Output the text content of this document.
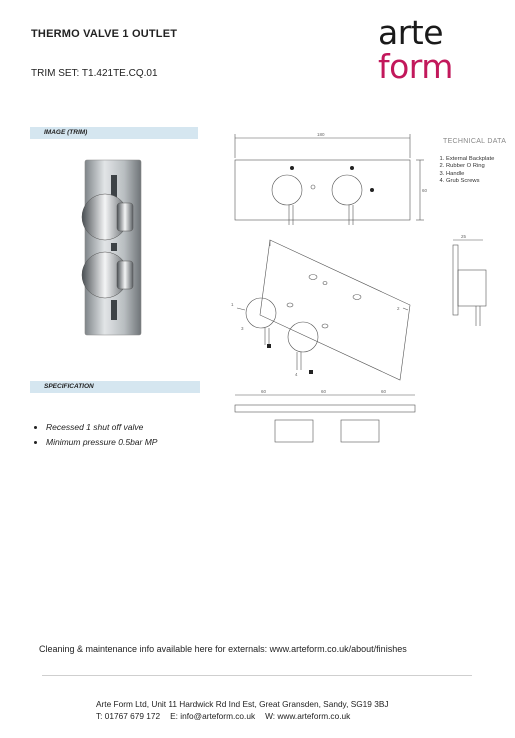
THERMO VALVE 1 OUTLET
TRIM SET: T1.421TE.CQ.01
arte
form
IMAGE (TRIM)	180
60
25
60	60	60
1
2
3
4
TECHNICAL DATA
1. External Backplate
2. Rubber O Ring
3. Handle
4. Grub Screws
SPECIFICATION
• Recessed 1 shut off valve
• Minimum pressure 0.5bar MP
Cleaning & maintenance info available here for externals: www.arteform.co.uk/about/finishes
Arte Form Ltd, Unit 11 Hardwick Rd Ind Est, Great Gransden, Sandy, SG19 3BJ
T: 01767 679 172 E: info@arteform.co.uk W: www.arteform.co.uk
